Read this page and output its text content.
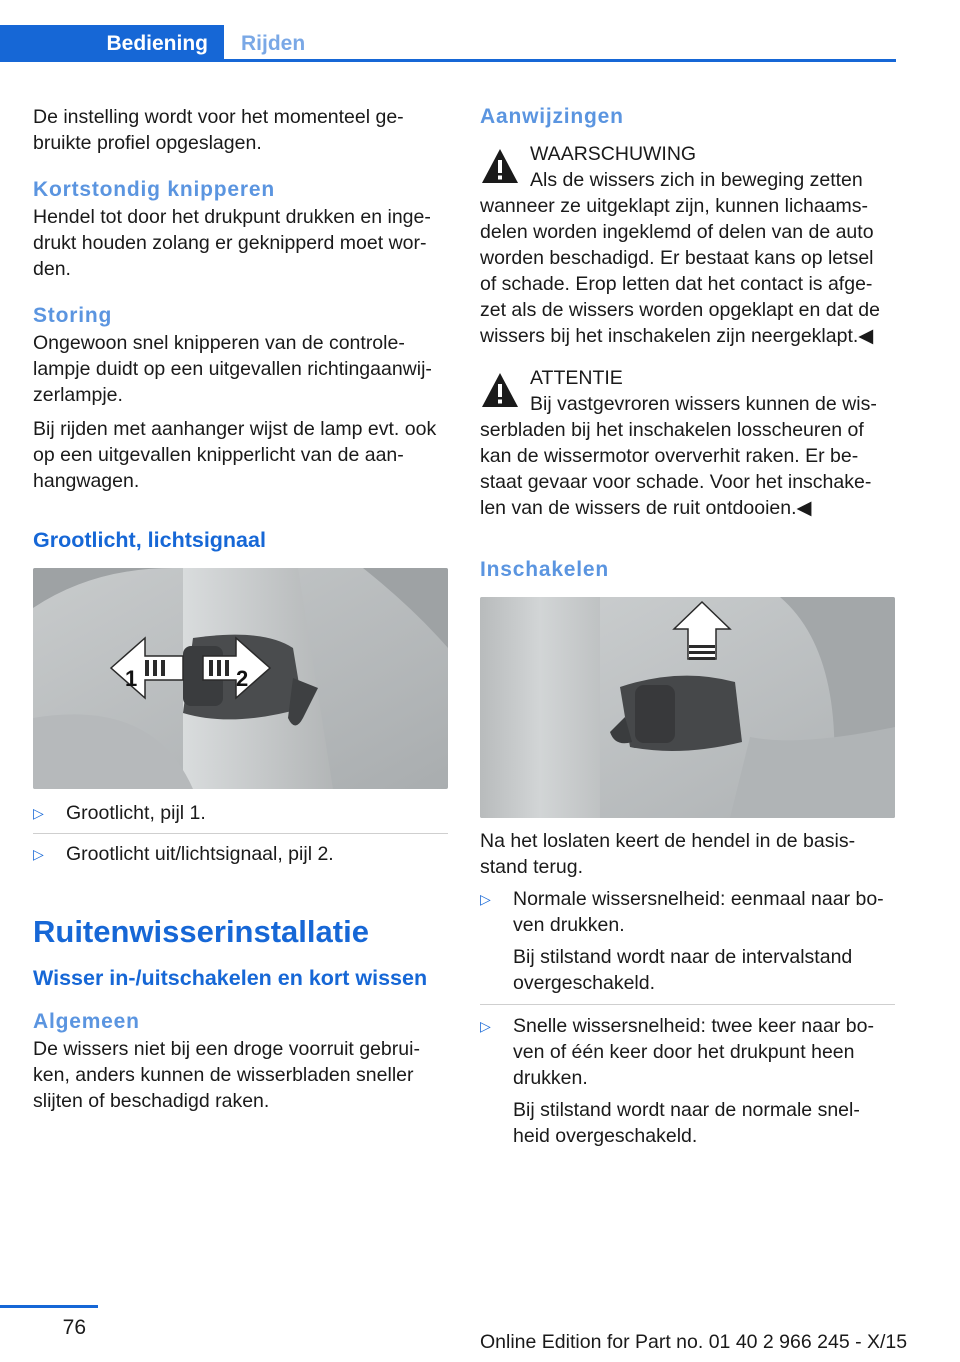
Bediening	Rijden

De instelling wordt voor het momenteel ge-bruikte profiel opgeslagen.

Kortstondig knipperen

Hendel tot door het drukpunt drukken en inge-drukt houden zolang er geknipperd moet wor-den.

Storing

Ongewoon snel knipperen van de controle-lampje duidt op een uitgevallen richtingaanwij-zerlampje.

Bij rijden met aanhanger wijst de lamp evt. ook op een uitgevallen knipperlicht van de aan-hangwagen.

Grootlicht, lichtsignaal
1	2
▷ Grootlicht, pijl 1.
▷ Grootlicht uit/lichtsignaal, pijl 2.
Ruitenwisserinstallatie
Wisser in-/uitschakelen en kort wissen
Algemeen

De wissers niet bij een droge voorruit gebrui-ken, anders kunnen de wisserbladen sneller slijten of beschadigd raken.

Aanwijzingen
WAARSCHUWING
Als de wissers zich in beweging zetten wanneer ze uitgeklapt zijn, kunnen lichaams-delen worden ingeklemd of delen van de auto worden beschadigd. Er bestaat kans op letsel of schade. Erop letten dat het contact is afge-zet als de wissers worden opgeklapt en dat de wissers bij het inschakelen zijn neergeklapt.◀
ATTENTIE
Bij vastgevroren wissers kunnen de wis-serbladen bij het inschakelen losscheuren of kan de wissermotor oververhit raken. Er be-staat gevaar voor schade. Voor het inschake-len van de wissers de ruit ontdooien.◀
Inschakelen

Na het loslaten keert de hendel in de basis-stand terug.

▷ Normale wissersnelheid: eenmaal naar bo-ven drukken.
Bij stilstand wordt naar de intervalstand overgeschakeld.
▷ Snelle wissersnelheid: twee keer naar bo-ven of één keer door het drukpunt heen drukken.
Bij stilstand wordt naar de normale snel-heid overgeschakeld.
76
Online Edition for Part no. 01 40 2 966 245 - X/15
